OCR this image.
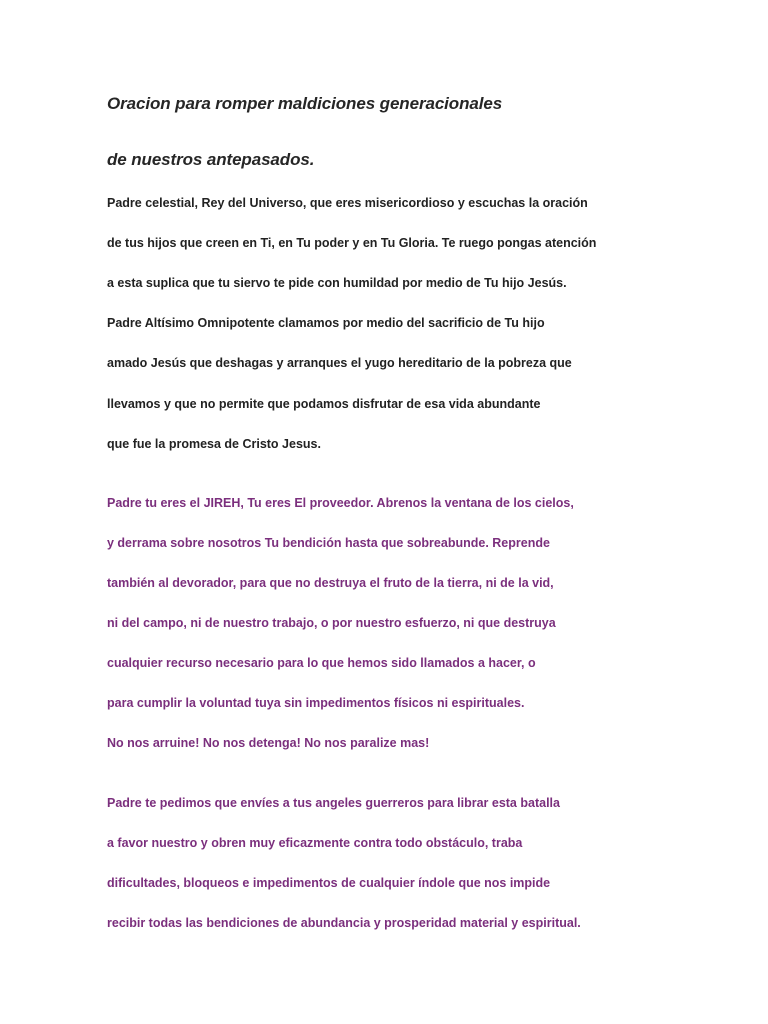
Oracion para romper maldiciones generacionales
de nuestros antepasados.
Padre celestial, Rey del Universo, que eres misericordioso y escuchas la oración
de tus hijos que creen en Ti, en Tu poder y en Tu Gloria. Te ruego pongas atención
a esta suplica que tu siervo te pide con humildad por medio de Tu hijo Jesús.
Padre Altísimo Omnipotente clamamos por medio del sacrificio de Tu hijo
amado Jesús que deshagas y arranques el yugo hereditario de la pobreza que
llevamos y que no permite que podamos disfrutar de esa vida abundante
que fue la promesa de Cristo Jesus.
Padre tu eres el JIREH, Tu eres El proveedor. Abrenos la ventana de los cielos,
y derrama sobre nosotros Tu bendición hasta que sobreabunde. Reprende
también al devorador, para que no destruya el fruto de la tierra, ni de la vid,
ni del campo, ni de nuestro trabajo, o por nuestro esfuerzo, ni que destruya
cualquier recurso necesario para lo que hemos sido llamados a hacer, o
para cumplir la voluntad tuya sin impedimentos físicos ni espirituales.
No nos arruine! No nos detenga! No nos paralize mas!
Padre te pedimos que envíes a tus angeles guerreros para librar esta batalla
a favor nuestro y obren muy eficazmente contra todo obstáculo, traba
dificultades, bloqueos e impedimentos de cualquier índole que nos impide
recibir todas las bendiciones de abundancia y prosperidad material y espiritual.
